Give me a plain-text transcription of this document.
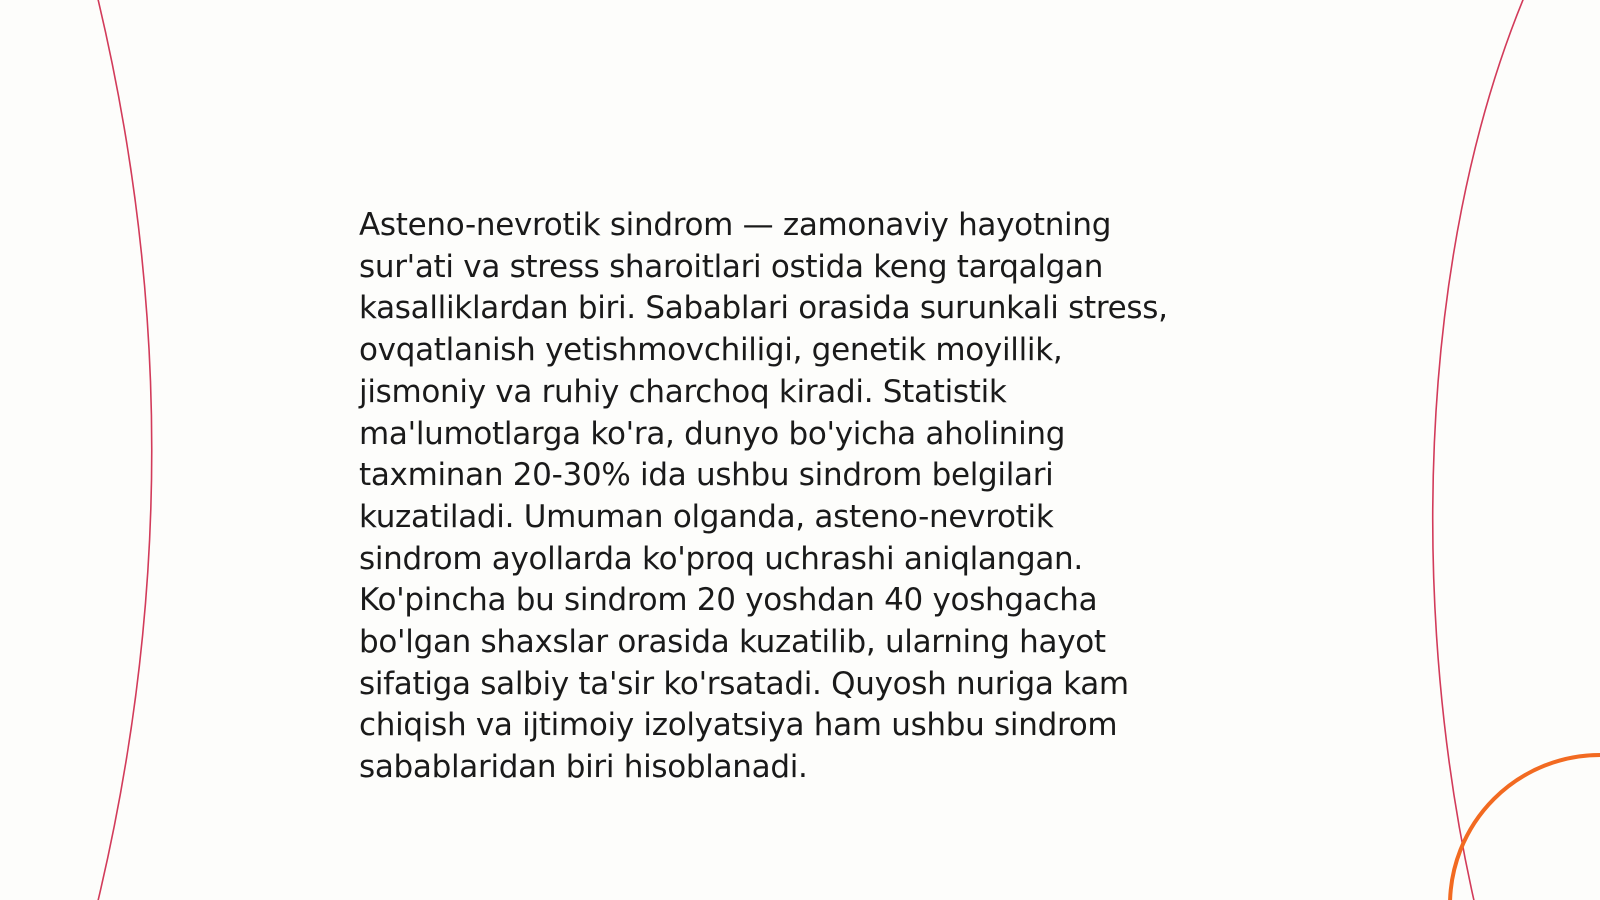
Asteno-nevrotik sindrom — zamonaviy hayotning
sur'ati va stress sharoitlari ostida keng tarqalgan
kasalliklardan biri. Sabablari orasida surunkali stress,
ovqatlanish yetishmovchiligi, genetik moyillik,
jismoniy va ruhiy charchoq kiradi. Statistik
ma'lumotlarga ko'ra, dunyo bo'yicha aholining
taxminan 20-30% ida ushbu sindrom belgilari
kuzatiladi. Umuman olganda, asteno-nevrotik
sindrom ayollarda ko'proq uchrashi aniqlangan.
Ko'pincha bu sindrom 20 yoshdan 40 yoshgacha
bo'lgan shaxslar orasida kuzatilib, ularning hayot
sifatiga salbiy ta'sir ko'rsatadi. Quyosh nuriga kam
chiqish va ijtimoiy izolyatsiya ham ushbu sindrom
sabablaridan biri hisoblanadi.
